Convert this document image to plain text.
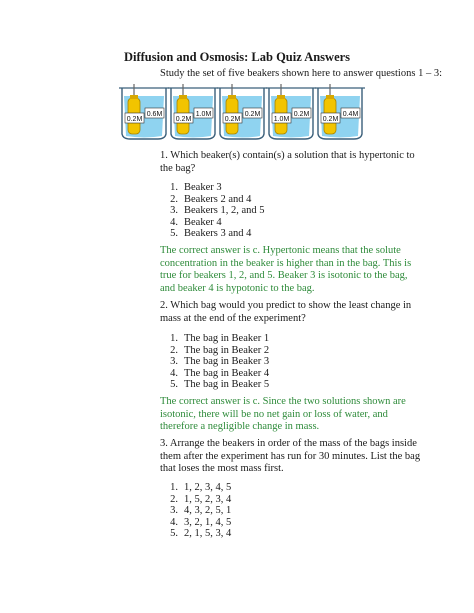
Diffusion and Osmosis: Lab Quiz Answers

Study the set of five beakers shown here to answer questions 1 – 3:

0.2M
0.6M
0.2M
1.0M
0.2M
0.2M
1.0M
0.2M
0.2M
0.4M

1. Which beaker(s) contain(s) a solution that is hypertonic to the bag?

1. Beaker 3
2. Beakers 2 and 4
3. Beakers 1, 2, and 5
4. Beaker 4
5. Beakers 3 and 4

The correct answer is c. Hypertonic means that the solute concentration in the beaker is higher than in the bag. This is true for beakers 1, 2, and 5. Beaker 3 is isotonic to the bag, and beaker 4 is hypotonic to the bag.

2. Which bag would you predict to show the least change in mass at the end of the experiment?

1. The bag in Beaker 1
2. The bag in Beaker 2
3. The bag in Beaker 3
4. The bag in Beaker 4
5. The bag in Beaker 5

The correct answer is c. Since the two solutions shown are isotonic, there will be no net gain or loss of water, and therefore a negligible change in mass.

3. Arrange the beakers in order of the mass of the bags inside them after the experiment has run for 30 minutes. List the bag that loses the most mass first.

1. 1, 2, 3, 4, 5
2. 1, 5, 2, 3, 4
3. 4, 3, 2, 5, 1
4. 3, 2, 1, 4, 5
5. 2, 1, 5, 3, 4
